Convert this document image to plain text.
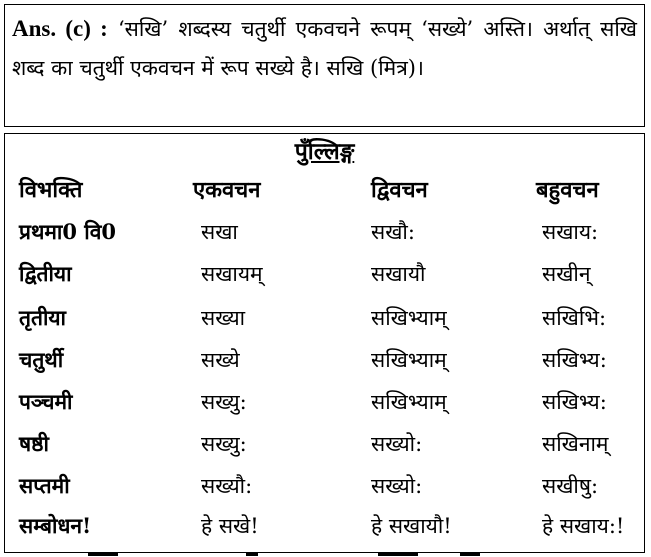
Ans. (c) : ‘सखि’ शब्दस्य चतुर्थी एकवचने रूपम् ‘सख्ये’ अस्ति। अर्थात् सखि शब्द का चतुर्थी एकवचन में रूप सख्ये है। सखि (मित्र)।
पुँल्लिङ्ग
विभक्ति	एकवचन	द्विवचन	बहुवचन
प्रथमा0 वि0	सखा	सखौ:	सखाय:
द्वितीया	सखायम्	सखायौ	सखीन्
तृतीया	सख्या	सखिभ्याम्	सखिभि:
चतुर्थी	सख्ये	सखिभ्याम्	सखिभ्य:
पञ्चमी	सख्यु:	सखिभ्याम्	सखिभ्य:
षष्ठी	सख्यु:	सख्यो:	सखिनाम्
सप्तमी	सख्यौ:	सख्यो:	सखीषु:
सम्बोधन!	हे सखे!	हे सखायौ!	हे सखाय:!
